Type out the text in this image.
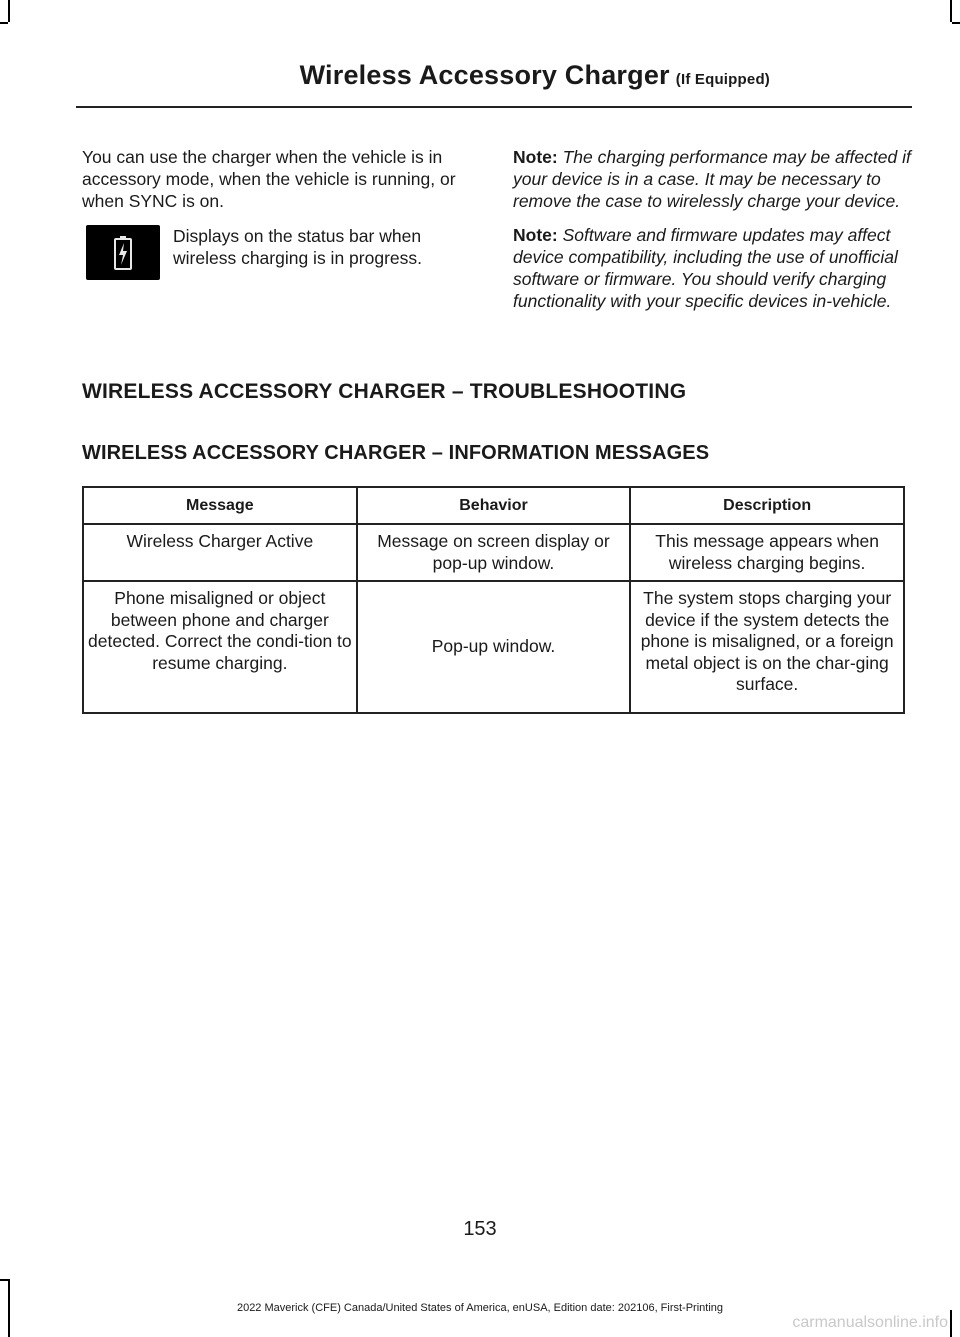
Wireless Accessory Charger (If Equipped)

You can use the charger when the vehicle is in accessory mode, when the vehicle is running, or when SYNC is on.

Displays on the status bar when wireless charging is in progress.

Note: The charging performance may be affected if your device is in a case. It may be necessary to remove the case to wirelessly charge your device.

Note: Software and firmware updates may affect device compatibility, including the use of unofficial software or firmware. You should verify charging functionality with your specific devices in-vehicle.

WIRELESS ACCESSORY CHARGER – TROUBLESHOOTING
WIRELESS ACCESSORY CHARGER – INFORMATION MESSAGES
Message	Behavior	Description
Wireless Charger Active	Message on screen display or pop-up window.	This message appears when wireless charging begins.
Phone misaligned or object between phone and charger detected. Correct the condi-tion to resume charging.	Pop-up window.	The system stops charging your device if the system detects the phone is misaligned, or a foreign metal object is on the char-ging surface.
153
2022 Maverick (CFE) Canada/United States of America, enUSA, Edition date: 202106, First-Printing
carmanualsonline.info
